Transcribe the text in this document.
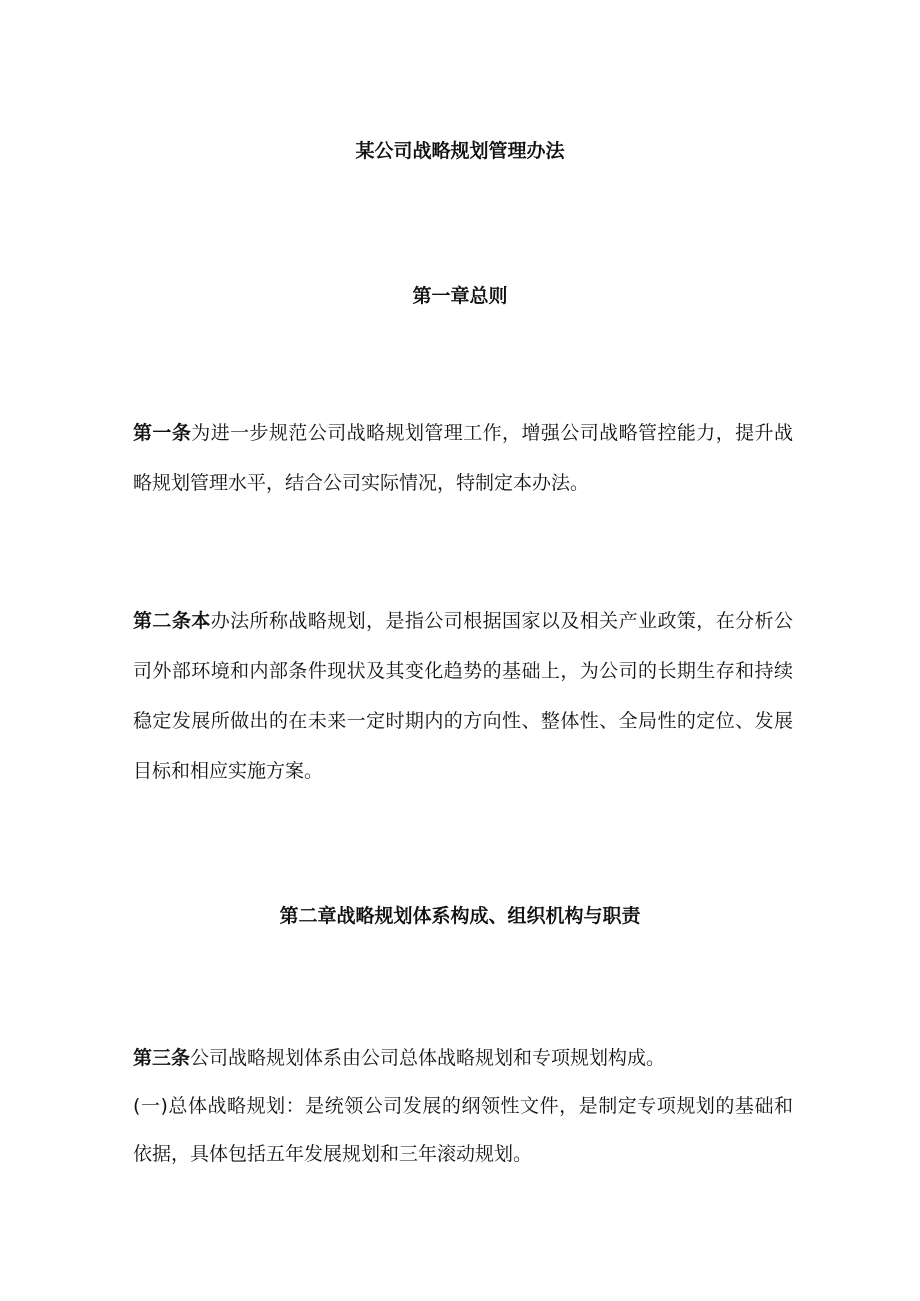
某公司战略规划管理办法
第一章总则
第一条为进一步规范公司战略规划管理工作，增强公司战略管控能力，提升战略规划管理水平，结合公司实际情况，特制定本办法。
第二条本办法所称战略规划，是指公司根据国家以及相关产业政策，在分析公司外部环境和内部条件现状及其变化趋势的基础上，为公司的长期生存和持续稳定发展所做出的在未来一定时期内的方向性、整体性、全局性的定位、发展目标和相应实施方案。
第二章战略规划体系构成、组织机构与职责
第三条公司战略规划体系由公司总体战略规划和专项规划构成。
(一)总体战略规划：是统领公司发展的纲领性文件，是制定专项规划的基础和依据，具体包括五年发展规划和三年滚动规划。
